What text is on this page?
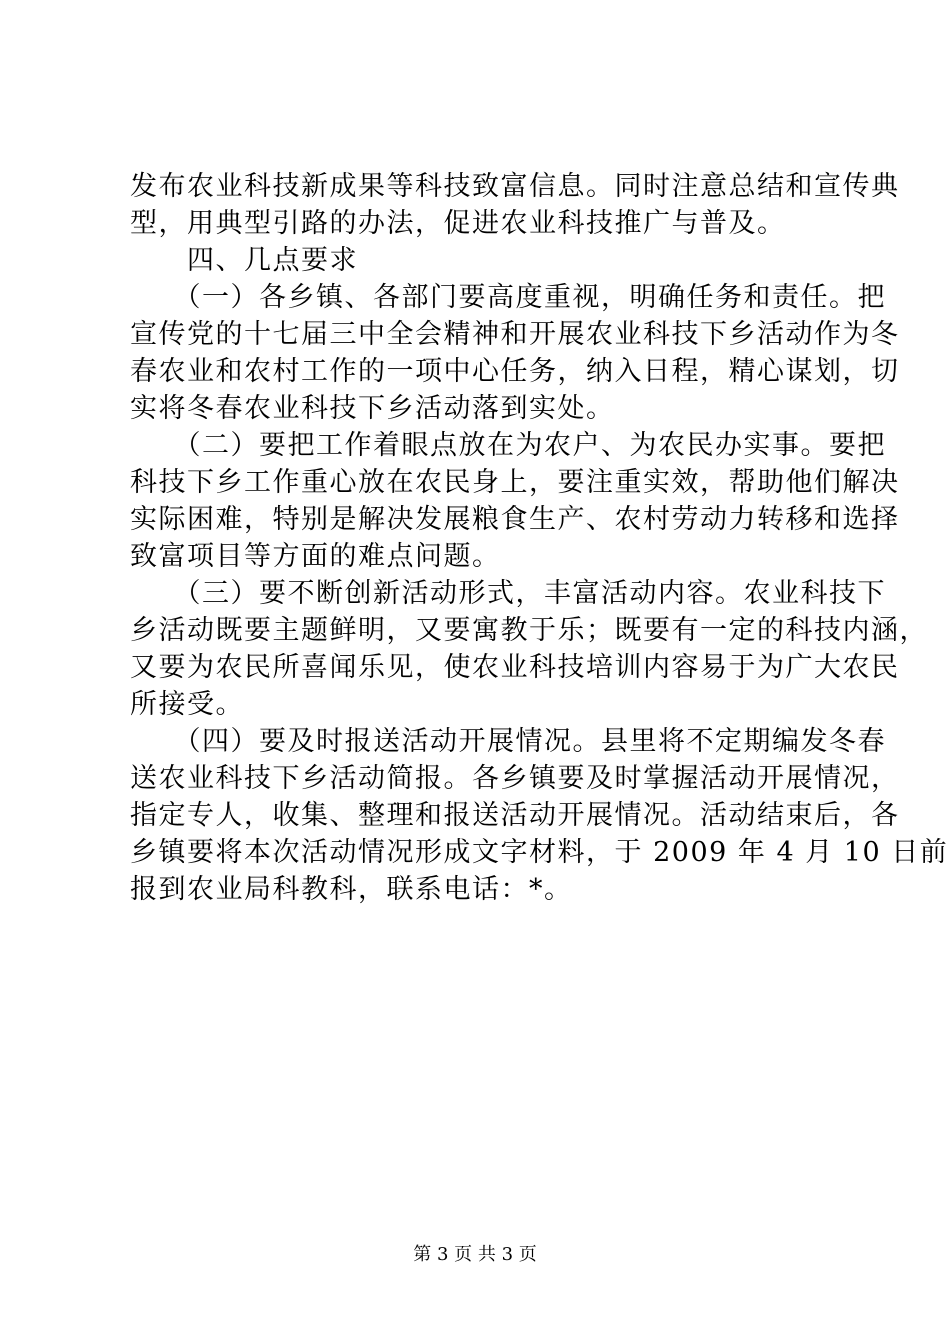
发布农业科技新成果等科技致富信息。同时注意总结和宣传典
型，用典型引路的办法，促进农业科技推广与普及。
　　四、几点要求
　　（一）各乡镇、各部门要高度重视，明确任务和责任。把
宣传党的十七届三中全会精神和开展农业科技下乡活动作为冬
春农业和农村工作的一项中心任务，纳入日程，精心谋划，切
实将冬春农业科技下乡活动落到实处。
　　（二）要把工作着眼点放在为农户、为农民办实事。要把
科技下乡工作重心放在农民身上，要注重实效，帮助他们解决
实际困难，特别是解决发展粮食生产、农村劳动力转移和选择
致富项目等方面的难点问题。
　　（三）要不断创新活动形式，丰富活动内容。农业科技下
乡活动既要主题鲜明，又要寓教于乐；既要有一定的科技内涵，
又要为农民所喜闻乐见，使农业科技培训内容易于为广大农民
所接受。
　　（四）要及时报送活动开展情况。县里将不定期编发冬春
送农业科技下乡活动简报。各乡镇要及时掌握活动开展情况，
指定专人，收集、整理和报送活动开展情况。活动结束后，各
乡镇要将本次活动情况形成文字材料，于 2009 年 4 月 10 日前
报到农业局科教科，联系电话：*。
第 3 页 共 3 页
